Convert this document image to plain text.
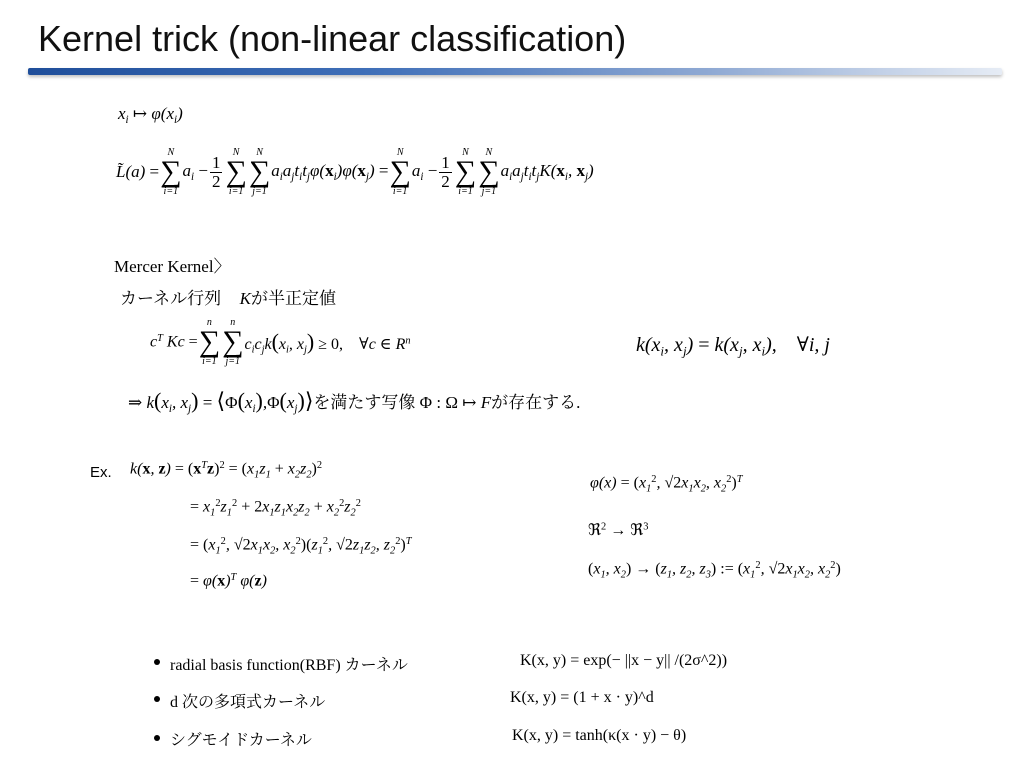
Kernel trick (non-linear classification)
$x_i$ ↦ $\varphi(x_i)$
L̃(a) =
N
∑
i=1
$a_i - \frac{1}{2}$
N
∑
i=1
N
∑
j=1
$a_ia_jt_it_j\varphi(x_i)\varphi(x_j)$ =
N
∑
i=1
$a_i - \frac{1}{2}$
N
∑
i=1
N
∑
j=1
$a_ia_jt_it_jK(x_i$, $x_j$)
Mercer Kernel〉
カーネル行列 Kが半正定値
$c^T$ Kc =
n
∑
i=1
n
∑
j=1
$c_ic_jk(x_i$, $x_j) \ge 0$, ∀c ∈ $R^n$	$k(x_i$, $x_j) = k(x_j$, $x_i$),    ∀i, j
⇒ $k(x_i$, $x_j$) = $⟨\Phi(x_i),\Phi(x_j)⟩$を満たす写像 Φ : Ω ↦ Fが存在する.
Ex. k(x, $z) = (x^Tz)^2 = (x_1z_1 + x_2z_2)^2$
= $x_1^2z_1^2 + 2x_1z_1x_2z_2 + x_2^2z_2^2$
= ($x_1^2$, $√2x_1x_2$, $x_2^2)(z_1^2$, $√2z_1z_2$, $z_2^2)^T$
= $\varphi(x)^T$ φ(z)
$\varphi(x) = (x_1^2$, $√2x_1x_2$, $x_2^2)^T$
ℜ$^2$ → ℜ$^3$
($x_1$, $x_2) \to (z_1$, $z_2$, $z_3$) := ($x_1^2$, $√2x_1x_2$, $x_2^2$)
radial basis function(RBF) カーネル	K(x, y) = exp(− ||x − y|| /(2σ^2))
d 次の多項式カーネル	K(x, y) = (1 + x · y)^d
シグモイドカーネル	K(x, y) = tanh(κ(x · y) − θ)
